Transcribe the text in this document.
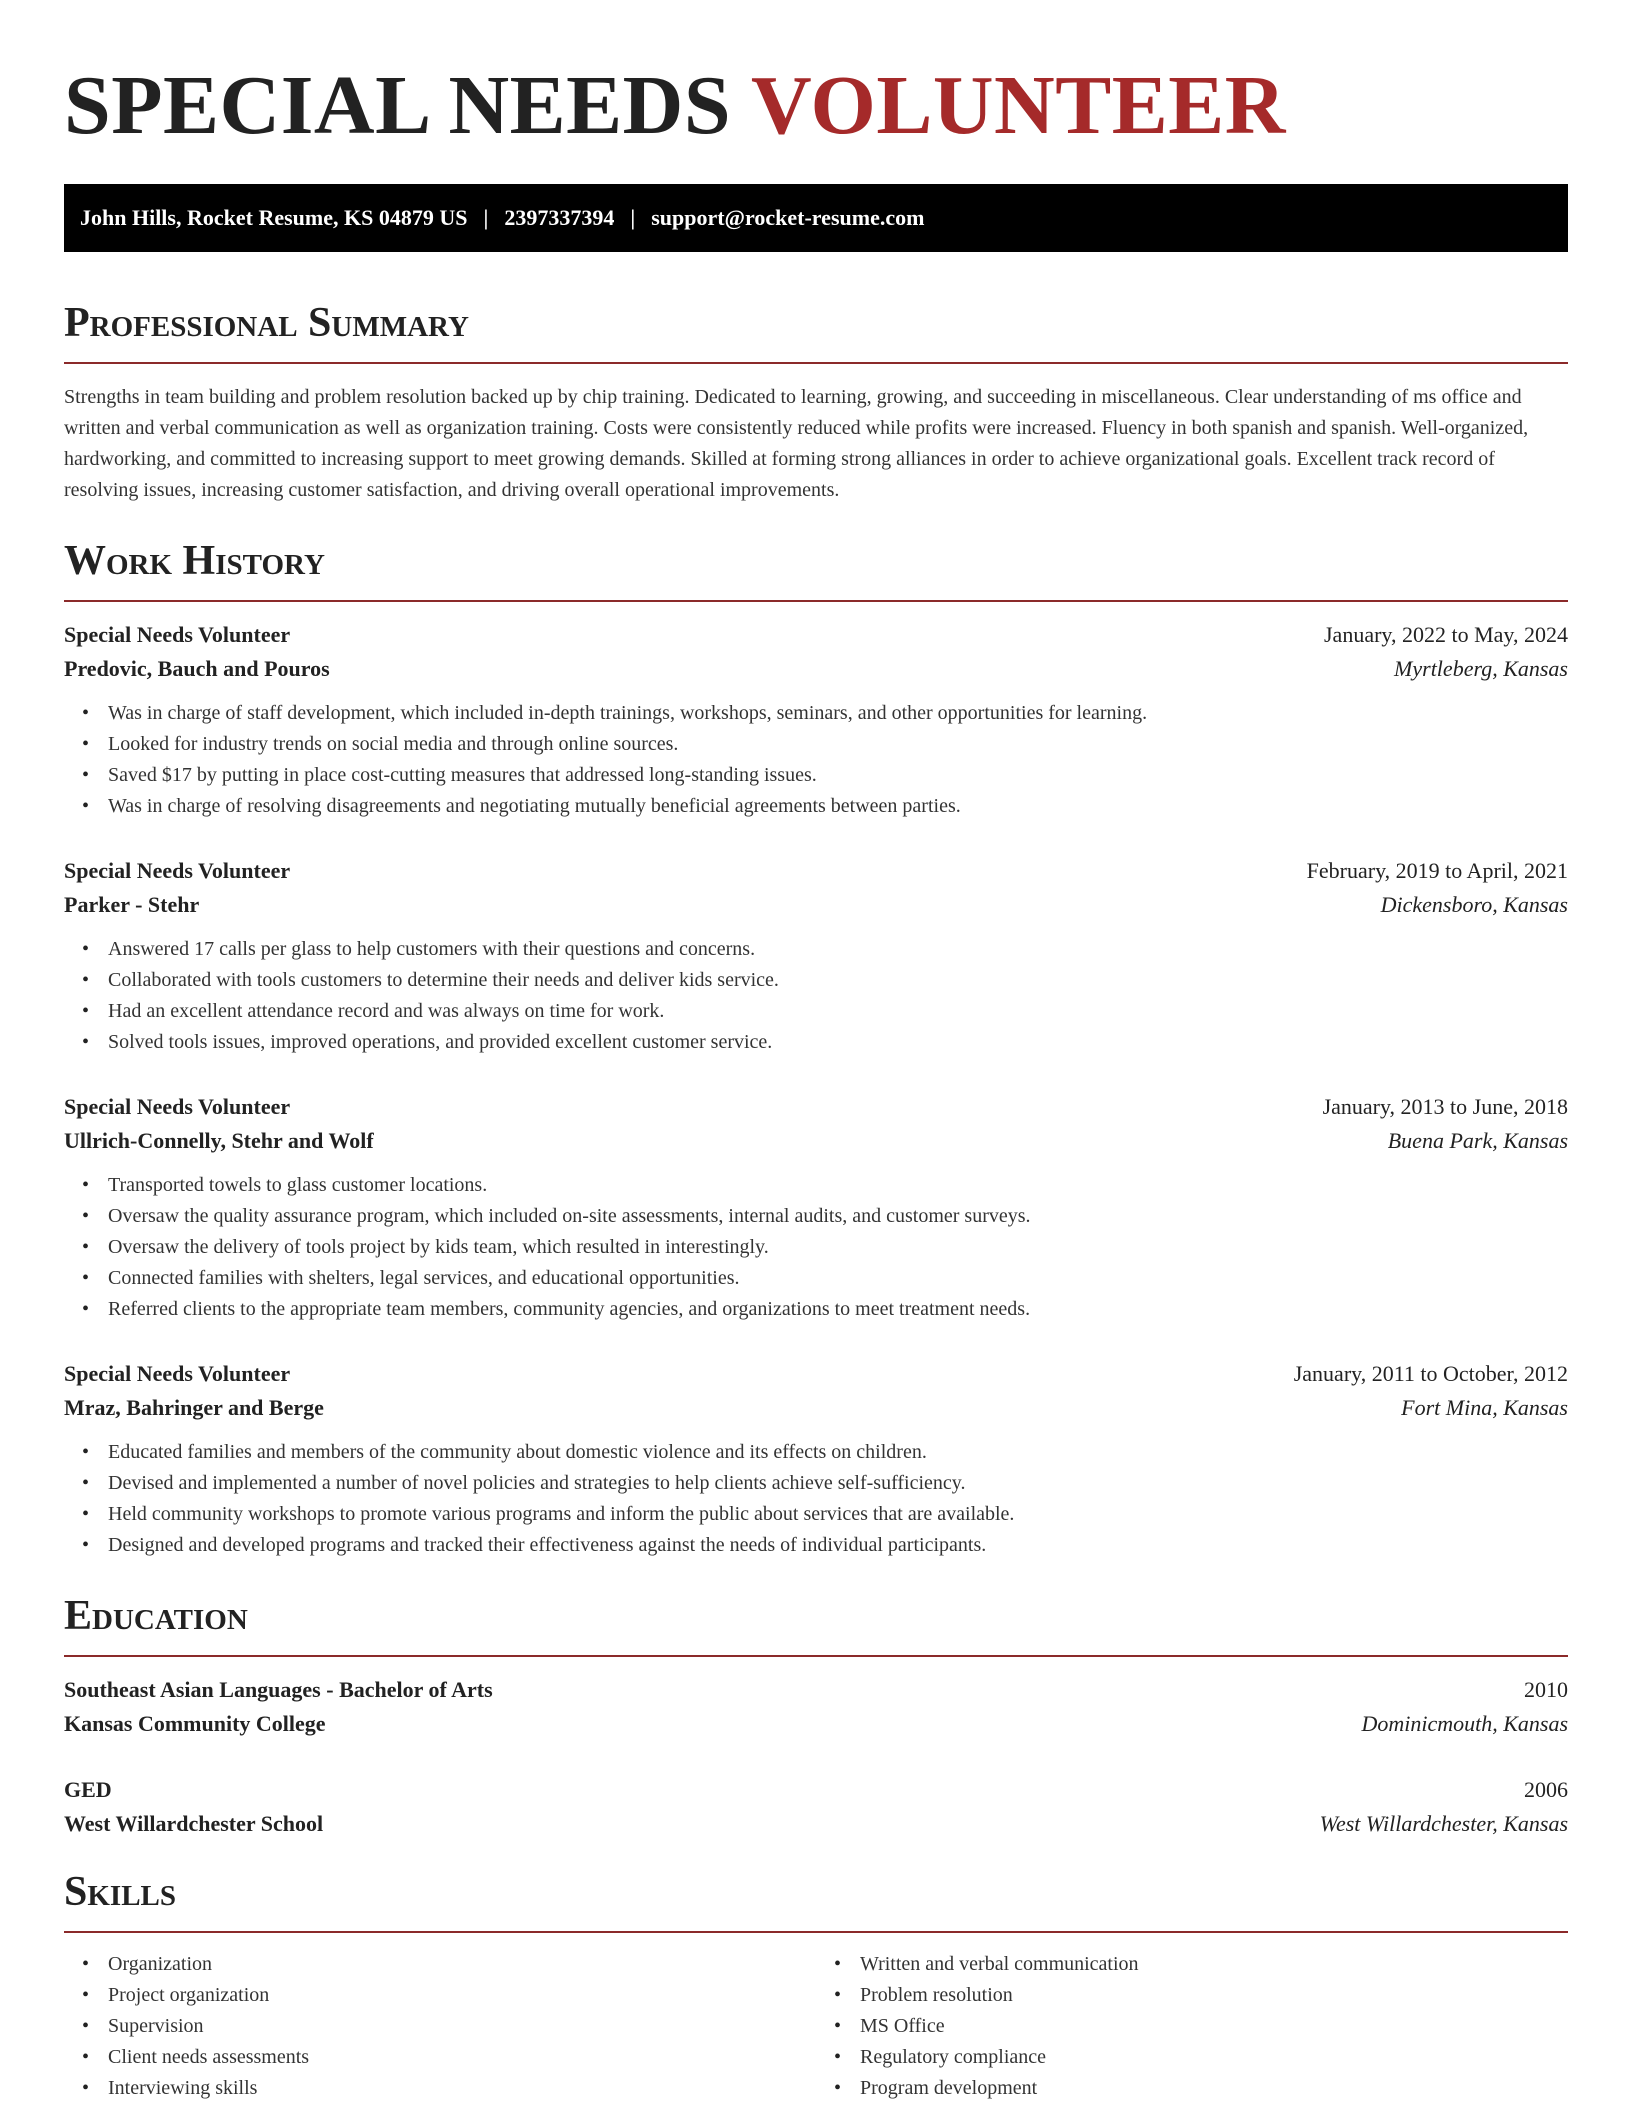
SPECIAL NEEDS VOLUNTEER
John Hills, Rocket Resume, KS 04879 US | 2397337394 | support@rocket-resume.com
Professional Summary

Strengths in team building and problem resolution backed up by chip training. Dedicated to learning, growing, and succeeding in miscellaneous. Clear understanding of ms office and written and verbal communication as well as organization training. Costs were consistently reduced while profits were increased. Fluency in both spanish and spanish. Well-organized, hardworking, and committed to increasing support to meet growing demands. Skilled at forming strong alliances in order to achieve organizational goals. Excellent track record of resolving issues, increasing customer satisfaction, and driving overall operational improvements.

Work History
Special Needs Volunteer	January, 2022 to May, 2024
Predovic, Bauch and Pouros	Myrtleberg, Kansas
• Was in charge of staff development, which included in-depth trainings, workshops, seminars, and other opportunities for learning.
• Looked for industry trends on social media and through online sources.
• Saved $17 by putting in place cost-cutting measures that addressed long-standing issues.
• Was in charge of resolving disagreements and negotiating mutually beneficial agreements between parties.
Special Needs Volunteer	February, 2019 to April, 2021
Parker - Stehr	Dickensboro, Kansas
• Answered 17 calls per glass to help customers with their questions and concerns.
• Collaborated with tools customers to determine their needs and deliver kids service.
• Had an excellent attendance record and was always on time for work.
• Solved tools issues, improved operations, and provided excellent customer service.
Special Needs Volunteer	January, 2013 to June, 2018
Ullrich-Connelly, Stehr and Wolf	Buena Park, Kansas
• Transported towels to glass customer locations.
• Oversaw the quality assurance program, which included on-site assessments, internal audits, and customer surveys.
• Oversaw the delivery of tools project by kids team, which resulted in interestingly.
• Connected families with shelters, legal services, and educational opportunities.
• Referred clients to the appropriate team members, community agencies, and organizations to meet treatment needs.
Special Needs Volunteer	January, 2011 to October, 2012
Mraz, Bahringer and Berge	Fort Mina, Kansas
• Educated families and members of the community about domestic violence and its effects on children.
• Devised and implemented a number of novel policies and strategies to help clients achieve self-sufficiency.
• Held community workshops to promote various programs and inform the public about services that are available.
• Designed and developed programs and tracked their effectiveness against the needs of individual participants.
Education
Southeast Asian Languages - Bachelor of Arts	2010
Kansas Community College	Dominicmouth, Kansas
GED	2006
West Willardchester School	West Willardchester, Kansas
Skills
• Organization
• Project organization
• Supervision
• Client needs assessments
• Interviewing skills
• Written and verbal communication
• Problem resolution
• MS Office
• Regulatory compliance
• Program development
